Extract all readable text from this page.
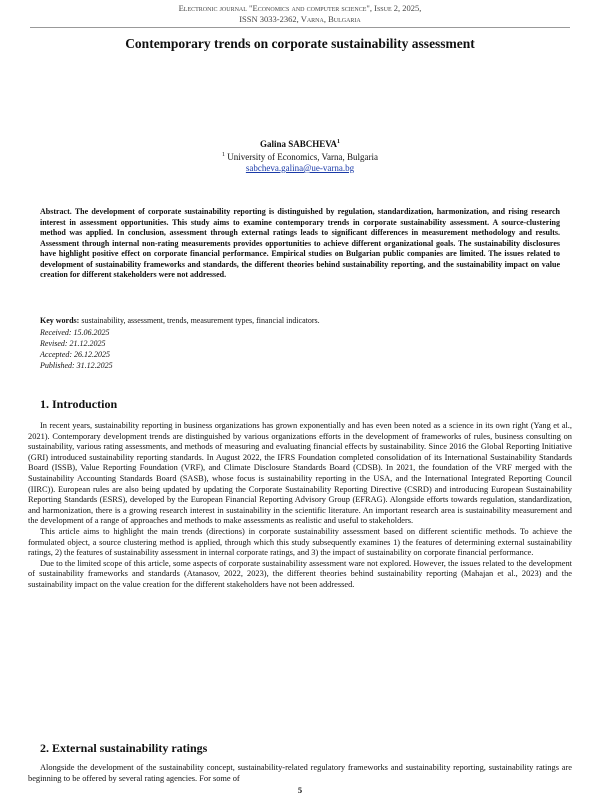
Electronic journal "Economics and computer science", Issue 2, 2025,
ISSN 3033-2362, Varna, Bulgaria
Contemporary trends on corporate sustainability assessment
Galina SABCHEVA$^1$
$^1$ University of Economics, Varna, Bulgaria
sabcheva.galina@ue-varna.bg
Abstract. The development of corporate sustainability reporting is distinguished by regulation, standardization, harmonization, and rising research interest in assessment opportunities. This study aims to examine contemporary trends in corporate sustainability assessment. A source-clustering method was applied. In conclusion, assessment through external ratings leads to significant differences in measurement methodology and results. Assessment through internal non-rating measurements provides opportunities to achieve different organizational goals. The sustainability disclosures have highlight positive effect on corporate financial performance. Empirical studies on Bulgarian public companies are limited. The issues related to development of sustainability frameworks and standards, the different theories behind sustainability reporting, and the sustainability impact on value creation for different stakeholders were not addressed.
Key words: sustainability, assessment, trends, measurement types, financial indicators.
Received: 15.06.2025
Revised: 21.12.2025
Accepted: 26.12.2025
Published: 31.12.2025
1. Introduction

In recent years, sustainability reporting in business organizations has grown exponentially and has even been noted as a science in its own right (Yang et al., 2021). Contemporary development trends are distinguished by various organizations efforts in the development of frameworks of rules, business consulting on sustainability, various rating assessments, and methods of measuring and evaluating financial effects by sustainability. Since 2016 the Global Reporting Initiative (GRI) introduced sustainability reporting standards. In August 2022, the IFRS Foundation completed consolidation of its International Sustainability Standards Board (ISSB), Value Reporting Foundation (VRF), and Climate Disclosure Standards Board (CDSB). In 2021, the foundation of the VRF merged with the Sustainability Accounting Standards Board (SASB), whose focus is sustainability reporting in the USA, and the International Integrated Reporting Council (IIRC)). European rules are also being updated by updating the Corporate Sustainability Reporting Directive (CSRD) and introducing European Sustainability Reporting Standards (ESRS), developed by the European Financial Reporting Advisory Group (EFRAG). Alongside efforts towards regulation, standardization, and harmonization, there is a growing research interest in sustainability in the scientific literature. An important research area is sustainability measurement and the development of a range of approaches and methods to make assessments as realistic and useful to stakeholders.

This article aims to highlight the main trends (directions) in corporate sustainability assessment based on different scientific methods. To achieve the formulated object, a source clustering method is applied, through which this study subsequently examines 1) the features of determining external sustainability ratings, 2) the features of sustainability assessment in internal corporate ratings, and 3) the impact of sustainability on corporate financial performance.

Due to the limited scope of this article, some aspects of corporate sustainability assessment ware not explored. However, the issues related to the development of sustainability frameworks and standards (Atanasov, 2022, 2023), the different theories behind sustainability reporting (Mahajan et al., 2023) and the sustainability impact on the value creation for the different stakeholders have not been addressed.

2. External sustainability ratings

Alongside the development of the sustainability concept, sustainability-related regulatory frameworks and sustainability reporting, sustainability ratings are beginning to be offered by several rating agencies. For some of

5
